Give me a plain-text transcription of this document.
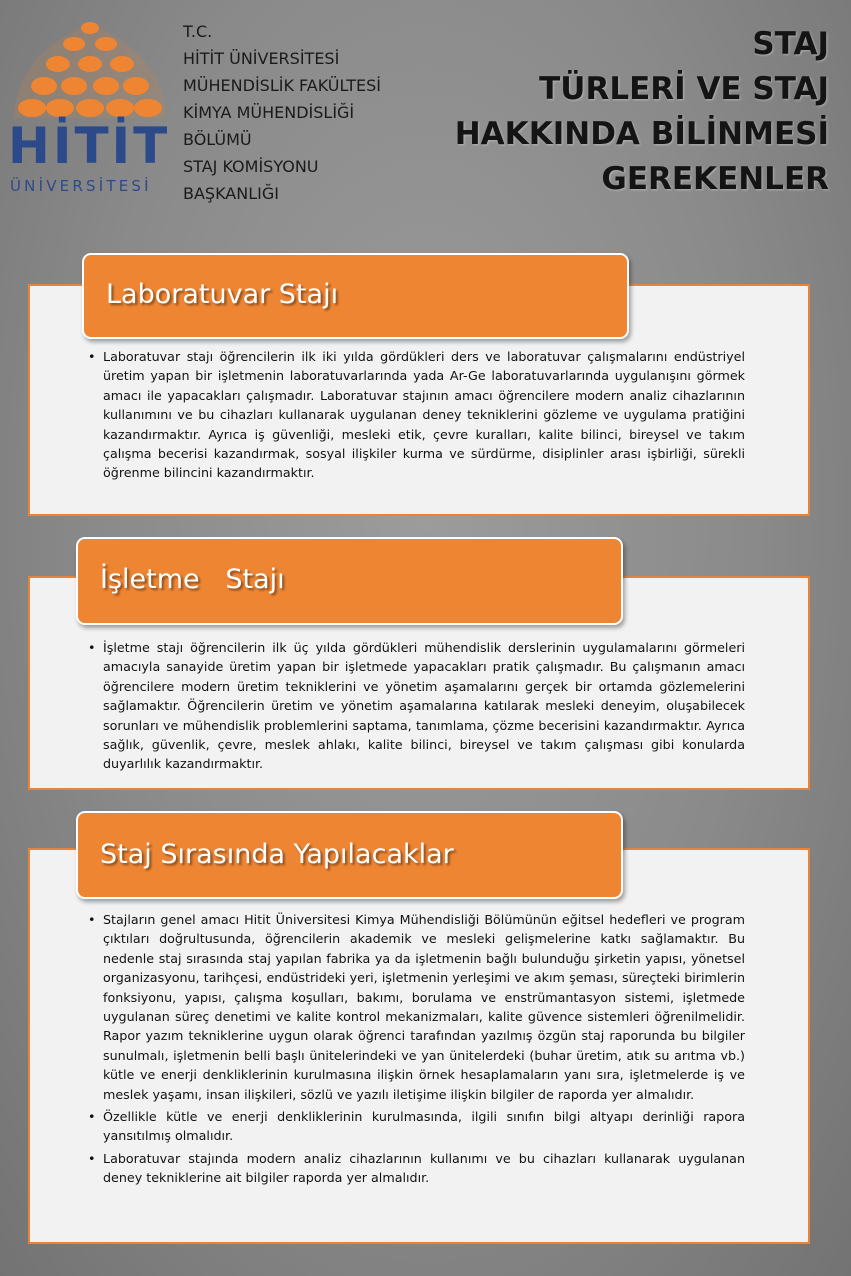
HİTİT
ÜNİVERSİTESİ
T.C.
HİTİT ÜNİVERSİTESİ
MÜHENDİSLİK FAKÜLTESİ
KİMYA MÜHENDİSLİĞİ
BÖLÜMÜ
STAJ KOMİSYONU
BAŞKANLIĞI
STAJ
TÜRLERİ VE STAJ
HAKKINDA BİLİNMESİ
GEREKENLER
Laboratuvar Stajı
• Laboratuvar stajı öğrencilerin ilk iki yılda gördükleri ders ve laboratuvar çalışmalarını endüstriyel üretim yapan bir işletmenin laboratuvarlarında yada Ar-Ge laboratuvarlarında uygulanışını görmek amacı ile yapacakları çalışmadır. Laboratuvar stajının amacı öğrencilere modern analiz cihazlarının kullanımını ve bu cihazları kullanarak uygulanan deney tekniklerini gözleme ve uygulama pratiğini kazandırmaktır. Ayrıca iş güvenliği, mesleki etik, çevre kuralları, kalite bilinci, bireysel ve takım çalışma becerisi kazandırmak, sosyal ilişkiler kurma ve sürdürme, disiplinler arası işbirliği, sürekli öğrenme bilincini kazandırmaktır.
İşletme   Stajı
• İşletme stajı öğrencilerin ilk üç yılda gördükleri mühendislik derslerinin uygulamalarını görmeleri amacıyla sanayide üretim yapan bir işletmede yapacakları pratik çalışmadır. Bu çalışmanın amacı öğrencilere modern üretim tekniklerini ve yönetim aşamalarını gerçek bir ortamda gözlemelerini sağlamaktır. Öğrencilerin üretim ve yönetim aşamalarına katılarak mesleki deneyim, oluşabilecek sorunları ve mühendislik problemlerini saptama, tanımlama, çözme becerisini kazandırmaktır. Ayrıca sağlık, güvenlik, çevre, meslek ahlakı, kalite bilinci, bireysel ve takım çalışması gibi konularda duyarlılık kazandırmaktır.
Staj Sırasında Yapılacaklar
• Stajların genel amacı Hitit Üniversitesi Kimya Mühendisliği Bölümünün eğitsel hedefleri ve program çıktıları doğrultusunda, öğrencilerin akademik ve mesleki gelişmelerine katkı sağlamaktır. Bu nedenle staj sırasında staj yapılan fabrika ya da işletmenin bağlı bulunduğu şirketin yapısı, yönetsel organizasyonu, tarihçesi, endüstrideki yeri, işletmenin yerleşimi ve akım şeması, süreçteki birimlerin fonksiyonu, yapısı, çalışma koşulları, bakımı, borulama ve enstrümantasyon sistemi, işletmede uygulanan süreç denetimi ve kalite kontrol mekanizmaları, kalite güvence sistemleri öğrenilmelidir. Rapor yazım tekniklerine uygun olarak öğrenci tarafından yazılmış özgün staj raporunda bu bilgiler sunulmalı, işletmenin belli başlı ünitelerindeki ve yan ünitelerdeki (buhar üretim, atık su arıtma vb.) kütle ve enerji denkliklerinin kurulmasına ilişkin örnek hesaplamaların yanı sıra, işletmelerde iş ve meslek yaşamı, insan ilişkileri, sözlü ve yazılı iletişime ilişkin bilgiler de raporda yer almalıdır.
• Özellikle kütle ve enerji denkliklerinin kurulmasında, ilgili sınıfın bilgi altyapı derinliği rapora yansıtılmış olmalıdır.
• Laboratuvar stajında modern analiz cihazlarının kullanımı ve bu cihazları kullanarak uygulanan deney tekniklerine ait bilgiler raporda yer almalıdır.
